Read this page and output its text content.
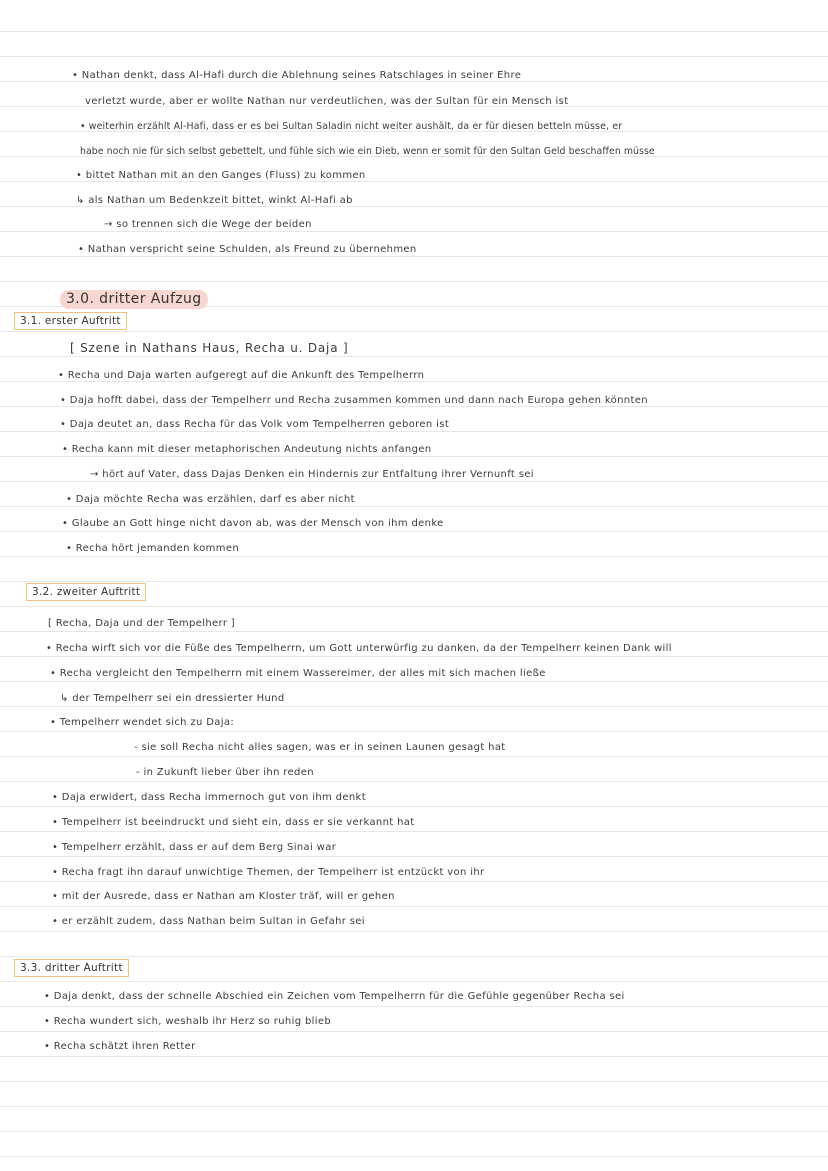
• Nathan denkt, dass Al-Hafi durch die Ablehnung seines Ratschlages in seiner Ehre
verletzt wurde, aber er wollte Nathan nur verdeutlichen, was der Sultan für ein Mensch ist
• weiterhin erzählt Al-Hafi, dass er es bei Sultan Saladin nicht weiter aushält, da er für diesen betteln müsse, er
habe noch nie für sich selbst gebettelt, und fühle sich wie ein Dieb, wenn er somit für den Sultan Geld beschaffen müsse
• bittet Nathan mit an den Ganges (Fluss) zu kommen
↳ als Nathan um Bedenkzeit bittet, winkt Al-Hafi ab
→ so trennen sich die Wege der beiden
• Nathan verspricht seine Schulden, als Freund zu übernehmen
3.0. dritter Aufzug
3.1. erster Auftritt
[ Szene in Nathans Haus, Recha u. Daja ]
• Recha und Daja warten aufgeregt auf die Ankunft des Tempelherrn
• Daja hofft dabei, dass der Tempelherr und Recha zusammen kommen und dann nach Europa gehen könnten
• Daja deutet an, dass Recha für das Volk vom Tempelherren geboren ist
• Recha kann mit dieser metaphorischen Andeutung nichts anfangen
→ hört auf Vater, dass Dajas Denken ein Hindernis zur Entfaltung ihrer Vernunft sei
• Daja möchte Recha was erzählen, darf es aber nicht
• Glaube an Gott hinge nicht davon ab, was der Mensch von ihm denke
• Recha hört jemanden kommen
3.2. zweiter Auftritt
[ Recha, Daja und der Tempelherr ]
• Recha wirft sich vor die Füße des Tempelherrn, um Gott unterwürfig zu danken, da der Tempelherr keinen Dank will
• Recha vergleicht den Tempelherrn mit einem Wassereimer, der alles mit sich machen ließe
↳ der Tempelherr sei ein dressierter Hund
• Tempelherr wendet sich zu Daja:
- sie soll Recha nicht alles sagen, was er in seinen Launen gesagt hat
- in Zukunft lieber über ihn reden
• Daja erwidert, dass Recha immernoch gut von ihm denkt
• Tempelherr ist beeindruckt und sieht ein, dass er sie verkannt hat
• Tempelherr erzählt, dass er auf dem Berg Sinai war
• Recha fragt ihn darauf unwichtige Themen, der Tempelherr ist entzückt von ihr
• mit der Ausrede, dass er Nathan am Kloster träf, will er gehen
• er erzählt zudem, dass Nathan beim Sultan in Gefahr sei
3.3. dritter Auftritt
• Daja denkt, dass der schnelle Abschied ein Zeichen vom Tempelherrn für die Gefühle gegenüber Recha sei
• Recha wundert sich, weshalb ihr Herz so ruhig blieb
• Recha schätzt ihren Retter
